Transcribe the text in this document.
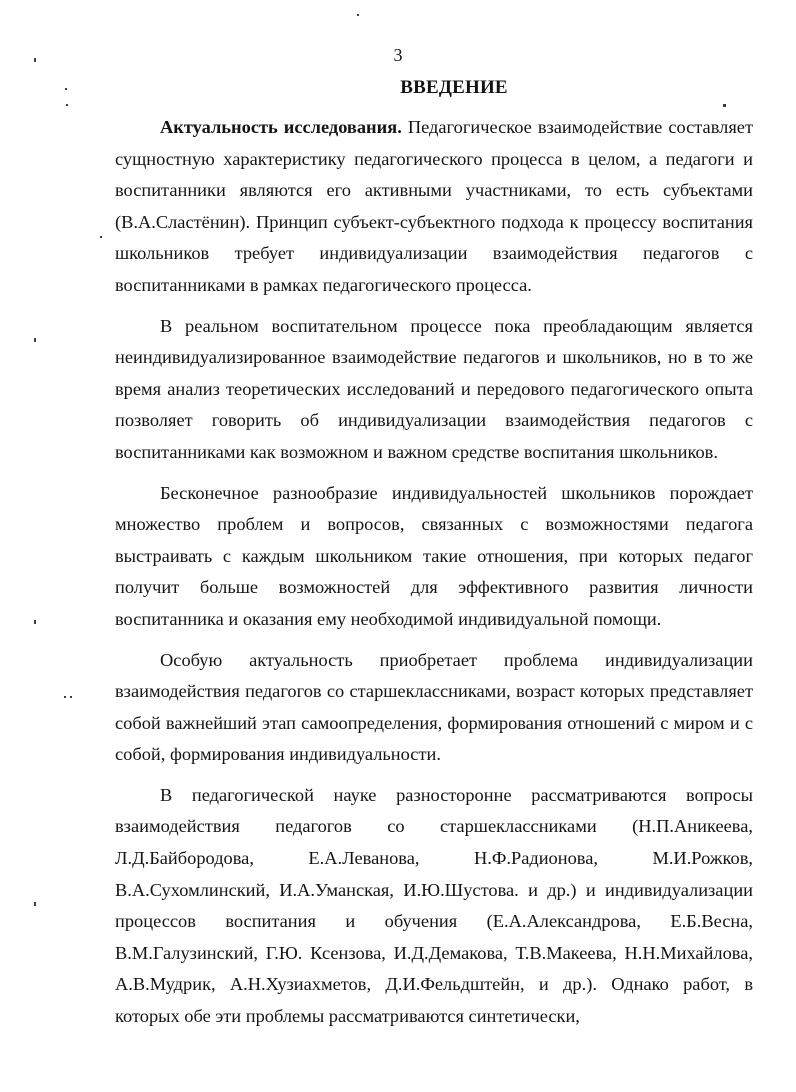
3
ВВЕДЕНИЕ

Актуальность исследования. Педагогическое взаимодействие составляет сущностную характеристику педагогического процесса в целом, а педагоги и воспитанники являются его активными участниками, то есть субъектами (В.А.Сластёнин). Принцип субъект-субъектного подхода к процессу воспитания школьников требует индивидуализации взаимодействия педагогов с воспитанниками в рамках педагогического процесса.

В реальном воспитательном процессе пока преобладающим является неиндивидуализированное взаимодействие педагогов и школьников, но в то же время анализ теоретических исследований и передового педагогического опыта позволяет говорить об индивидуализации взаимодействия педагогов с воспитанниками как возможном и важном средстве воспитания школьников.

Бесконечное разнообразие индивидуальностей школьников порождает множество проблем и вопросов, связанных с возможностями педагога выстраивать с каждым школьником такие отношения, при которых педагог получит больше возможностей для эффективного развития личности воспитанника и оказания ему необходимой индивидуальной помощи.

Особую актуальность приобретает проблема индивидуализации взаимодействия педагогов со старшеклассниками, возраст которых представляет собой важнейший этап самоопределения, формирования отношений с миром и с собой, формирования индивидуальности.

В педагогической науке разносторонне рассматриваются вопросы взаимодействия педагогов со старшеклассниками (Н.П.Аникеева, Л.Д.Байбородова, Е.А.Леванова, Н.Ф.Радионова, М.И.Рожков, В.А.Сухомлинский, И.А.Уманская, И.Ю.Шустова. и др.) и индивидуализации процессов воспитания и обучения (Е.А.Александрова, Е.Б.Весна, В.М.Галузинский, Г.Ю. Ксензова, И.Д.Демакова, Т.В.Макеева, Н.Н.Михайлова, А.В.Мудрик, А.Н.Хузиахметов, Д.И.Фельдштейн, и др.). Однако работ, в которых обе эти проблемы рассматриваются синтетически,
